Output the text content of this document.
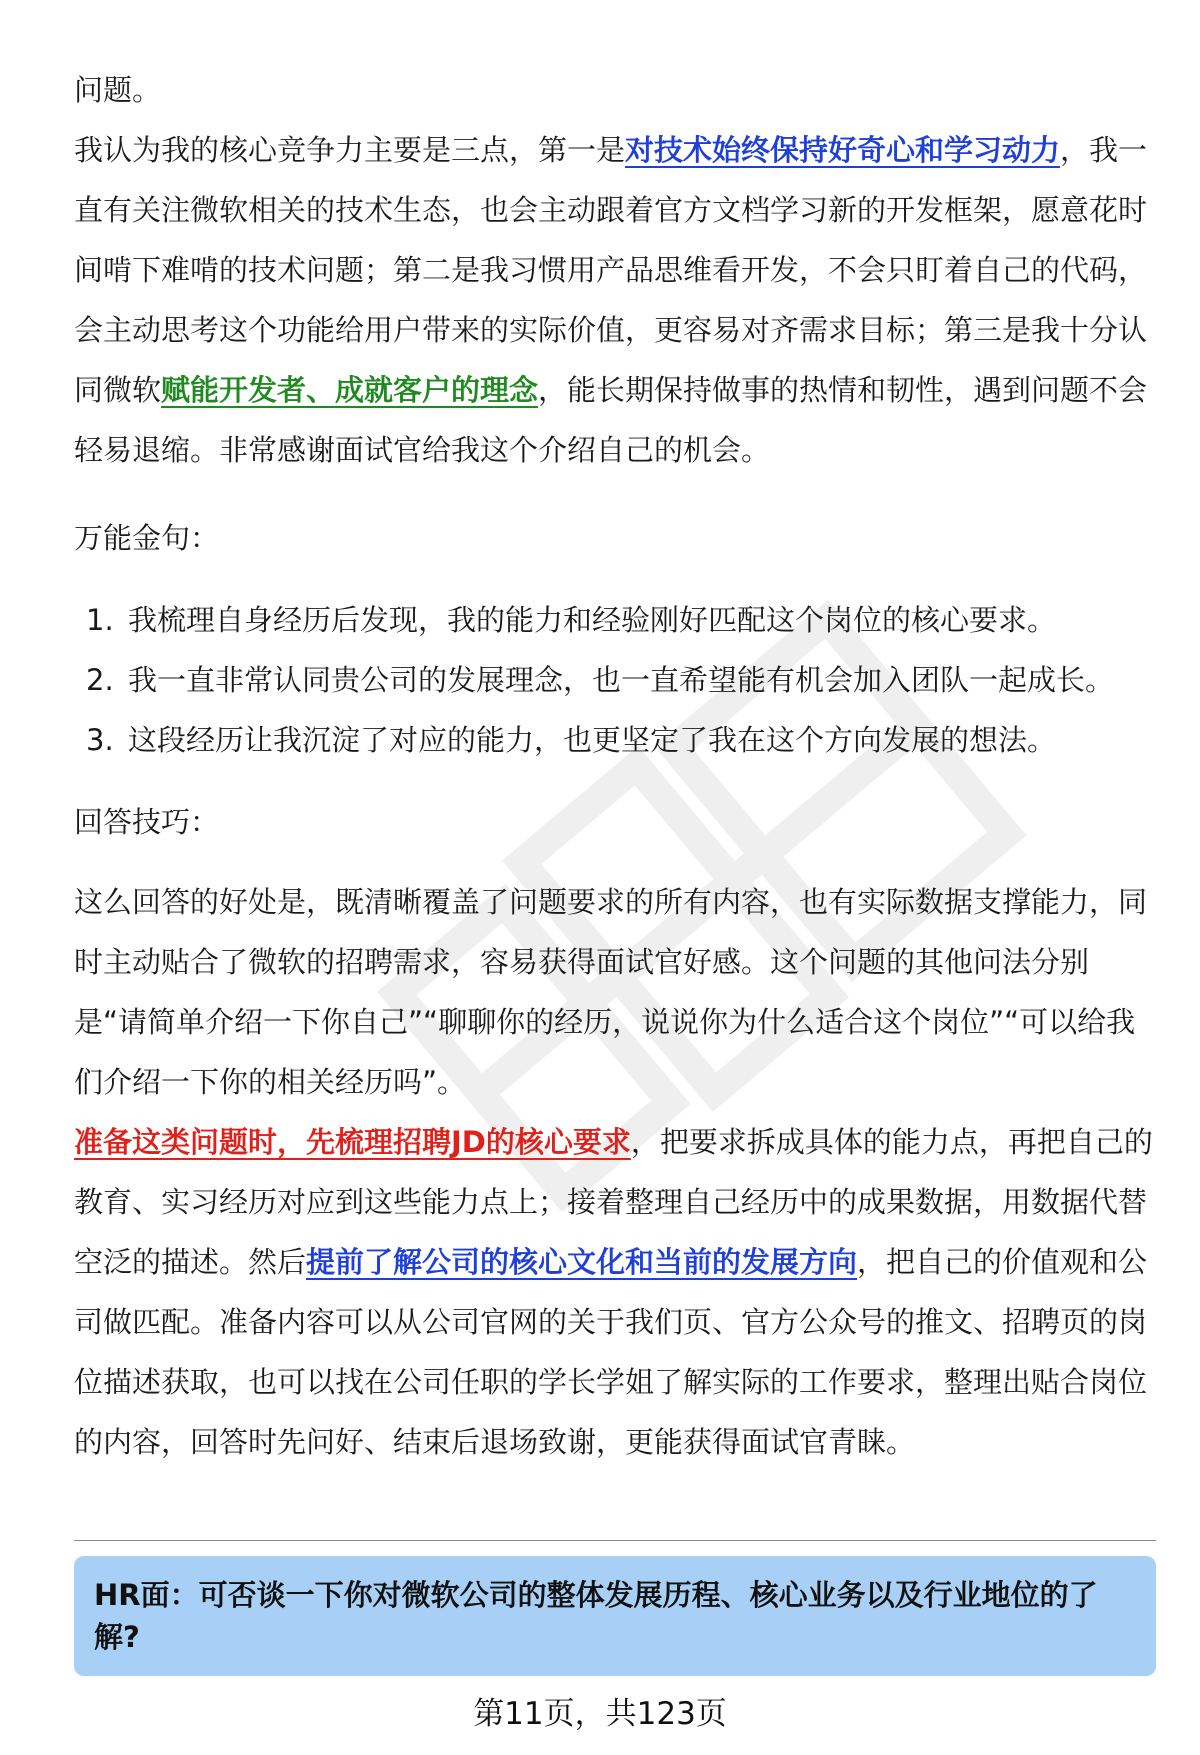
问题。

我认为我的核心竞争力主要是三点，第一是对技术始终保持好奇心和学习动力，我一直有关注微软相关的技术生态，也会主动跟着官方文档学习新的开发框架，愿意花时间啃下难啃的技术问题；第二是我习惯用产品思维看开发，不会只盯着自己的代码，会主动思考这个功能给用户带来的实际价值，更容易对齐需求目标；第三是我十分认同微软赋能开发者、成就客户的理念，能长期保持做事的热情和韧性，遇到问题不会轻易退缩。非常感谢面试官给我这个介绍自己的机会。

万能金句：

1. 我梳理自身经历后发现，我的能力和经验刚好匹配这个岗位的核心要求。
2. 我一直非常认同贵公司的发展理念，也一直希望能有机会加入团队一起成长。
3. 这段经历让我沉淀了对应的能力，也更坚定了我在这个方向发展的想法。

回答技巧：

这么回答的好处是，既清晰覆盖了问题要求的所有内容，也有实际数据支撑能力，同时主动贴合了微软的招聘需求，容易获得面试官好感。这个问题的其他问法分别是“请简单介绍一下你自己”“聊聊你的经历，说说你为什么适合这个岗位”“可以给我们介绍一下你的相关经历吗”。

准备这类问题时，先梳理招聘JD的核心要求，把要求拆成具体的能力点，再把自己的教育、实习经历对应到这些能力点上；接着整理自己经历中的成果数据，用数据代替空泛的描述。然后提前了解公司的核心文化和当前的发展方向，把自己的价值观和公司做匹配。准备内容可以从公司官网的关于我们页、官方公众号的推文、招聘页的岗位描述获取，也可以找在公司任职的学长学姐了解实际的工作要求，整理出贴合岗位的内容，回答时先问好、结束后退场致谢，更能获得面试官青睐。

HR面：可否谈一下你对微软公司的整体发展历程、核心业务以及行业地位的了解?
第11页，共123页
